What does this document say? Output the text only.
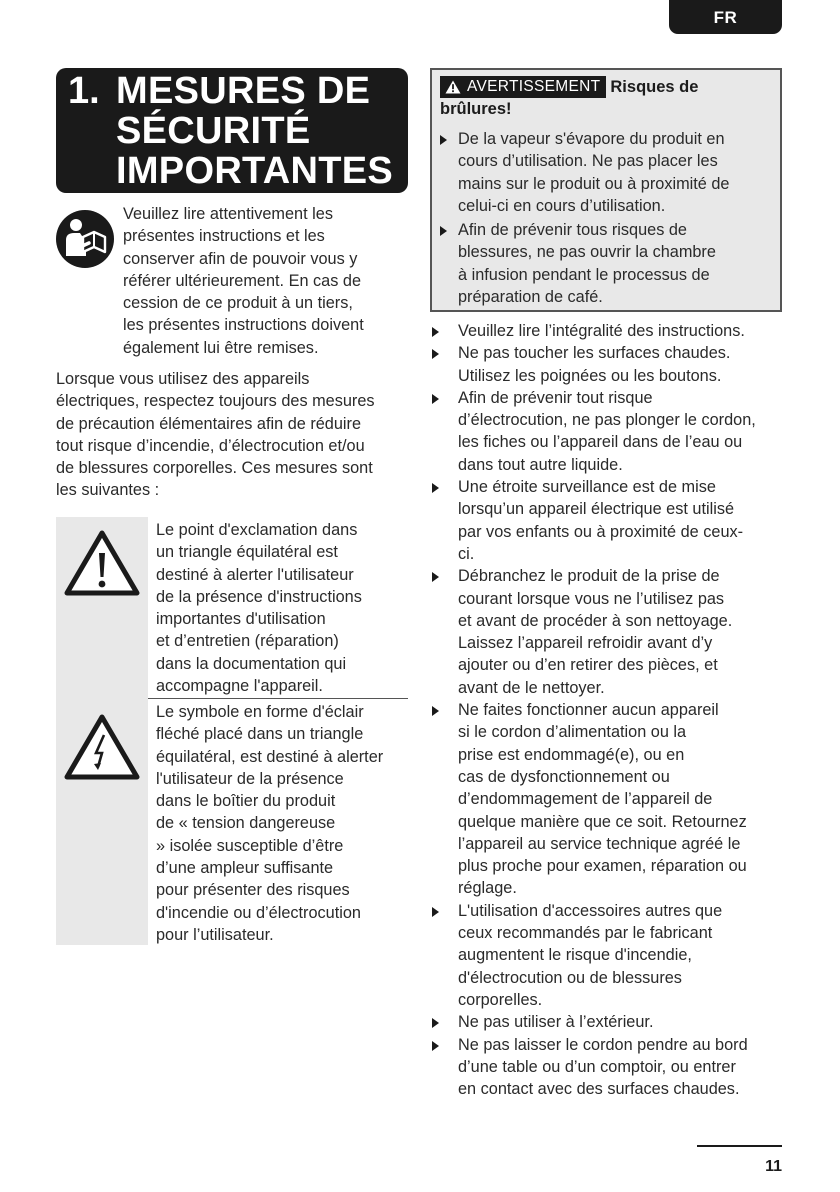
FR
1. MESURES DE
SÉCURITÉ
IMPORTANTES

Veuillez lire attentivement les

présentes instructions et les

conserver afin de pouvoir vous y

référer ultérieurement. En cas de

cession de ce produit à un tiers,

les présentes instructions doivent

également lui être remises.

Lorsque vous utilisez des appareils
électriques, respectez toujours des mesures
de précaution élémentaires afin de réduire
tout risque d’incendie, d’électrocution et/ou
de blessures corporelles. Ces mesures sont
les suivantes :
Le point d'exclamation dans
un triangle équilatéral est
destiné à alerter l'utilisateur
de la présence d'instructions
importantes d'utilisation
et d’entretien (réparation)
dans la documentation qui
accompagne l'appareil.
Le symbole en forme d'éclair
fléché placé dans un triangle
équilatéral, est destiné à alerter
l'utilisateur de la présence
dans le boîtier du produit
de « tension dangereuse
» isolée susceptible d’être
d’une ampleur suffisante
pour présenter des risques
d'incendie ou d’électrocution
pour l’utilisateur.
AVERTISSEMENT Risques de
brûlures!
De la vapeur s'évapore du produit en
cours d’utilisation. Ne pas placer les
mains sur le produit ou à proximité de
celui-ci en cours d’utilisation.
Afin de prévenir tous risques de
blessures, ne pas ouvrir la chambre
à infusion pendant le processus de
préparation de café.
Veuillez lire l’intégralité des instructions.
Ne pas toucher les surfaces chaudes.
Utilisez les poignées ou les boutons.
Afin de prévenir tout risque
d’électrocution, ne pas plonger le cordon,
les fiches ou l’appareil dans de l’eau ou
dans tout autre liquide.
Une étroite surveillance est de mise
lorsqu’un appareil électrique est utilisé
par vos enfants ou à proximité de ceux-
ci.
Débranchez le produit de la prise de
courant lorsque vous ne l’utilisez pas
et avant de procéder à son nettoyage.
Laissez l’appareil refroidir avant d’y
ajouter ou d’en retirer des pièces, et
avant de le nettoyer.
Ne faites fonctionner aucun appareil
si le cordon d’alimentation ou la
prise est endommagé(e), ou en
cas de dysfonctionnement ou
d’endommagement de l’appareil de
quelque manière que ce soit. Retournez
l’appareil au service technique agréé le
plus proche pour examen, réparation ou
réglage.
L'utilisation d'accessoires autres que
ceux recommandés par le fabricant
augmentent le risque d'incendie,
d'électrocution ou de blessures
corporelles.
Ne pas utiliser à l’extérieur.
Ne pas laisser le cordon pendre au bord
d’une table ou d’un comptoir, ou entrer
en contact avec des surfaces chaudes.
11
